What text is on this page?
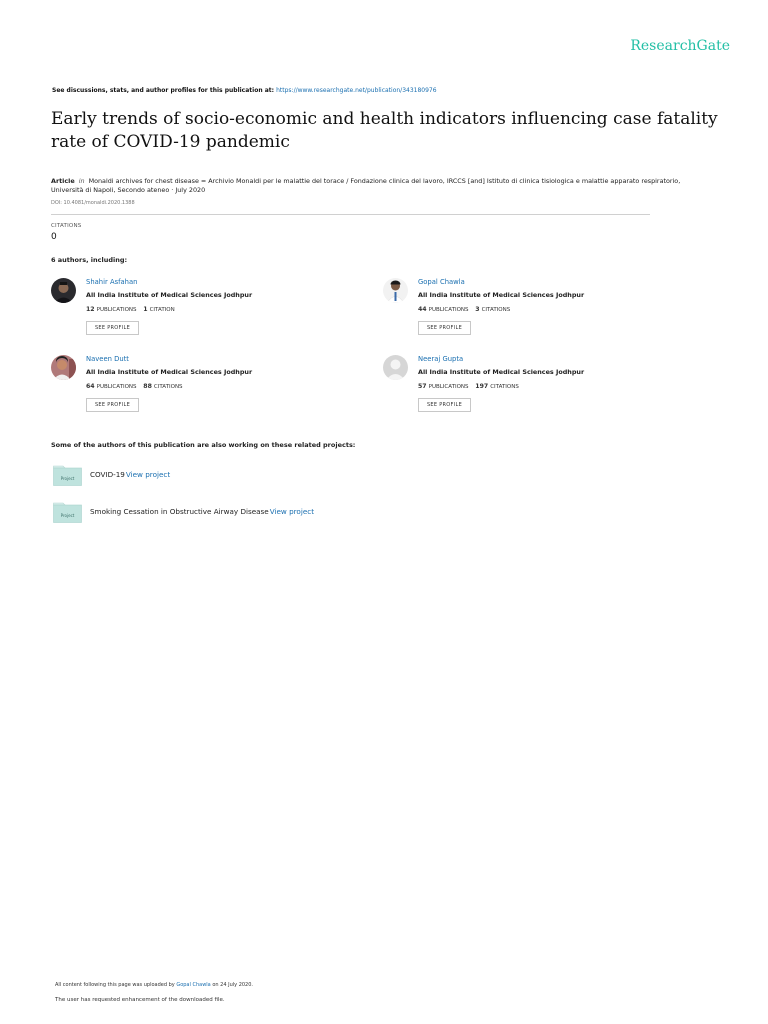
ResearchGate
See discussions, stats, and author profiles for this publication at: https://www.researchgate.net/publication/343180976
Early trends of socio-economic and health indicators influencing case fatality rate of COVID-19 pandemic
Article in Monaldi archives for chest disease = Archivio Monaldi per le malattie del torace / Fondazione clinica del lavoro, IRCCS [and] Istituto di clinica tisiologica e malattie apparato respiratorio, Università di Napoli, Secondo ateneo · July 2020
DOI: 10.4081/monaldi.2020.1388
CITATIONS
0
6 authors, including:
Shahir Asfahan
All India Institute of Medical Sciences Jodhpur
12 PUBLICATIONS 1 CITATION
SEE PROFILE
Gopal Chawla
All India Institute of Medical Sciences Jodhpur
44 PUBLICATIONS 3 CITATIONS
SEE PROFILE
Naveen Dutt
All India Institute of Medical Sciences Jodhpur
64 PUBLICATIONS 88 CITATIONS
SEE PROFILE
Neeraj Gupta
All India Institute of Medical Sciences Jodhpur
57 PUBLICATIONS 197 CITATIONS
SEE PROFILE
Some of the authors of this publication are also working on these related projects:
Project COVID-19View project
Project Smoking Cessation in Obstructive Airway DiseaseView project
All content following this page was uploaded by Gopal Chawla on 24 July 2020.
The user has requested enhancement of the downloaded file.
